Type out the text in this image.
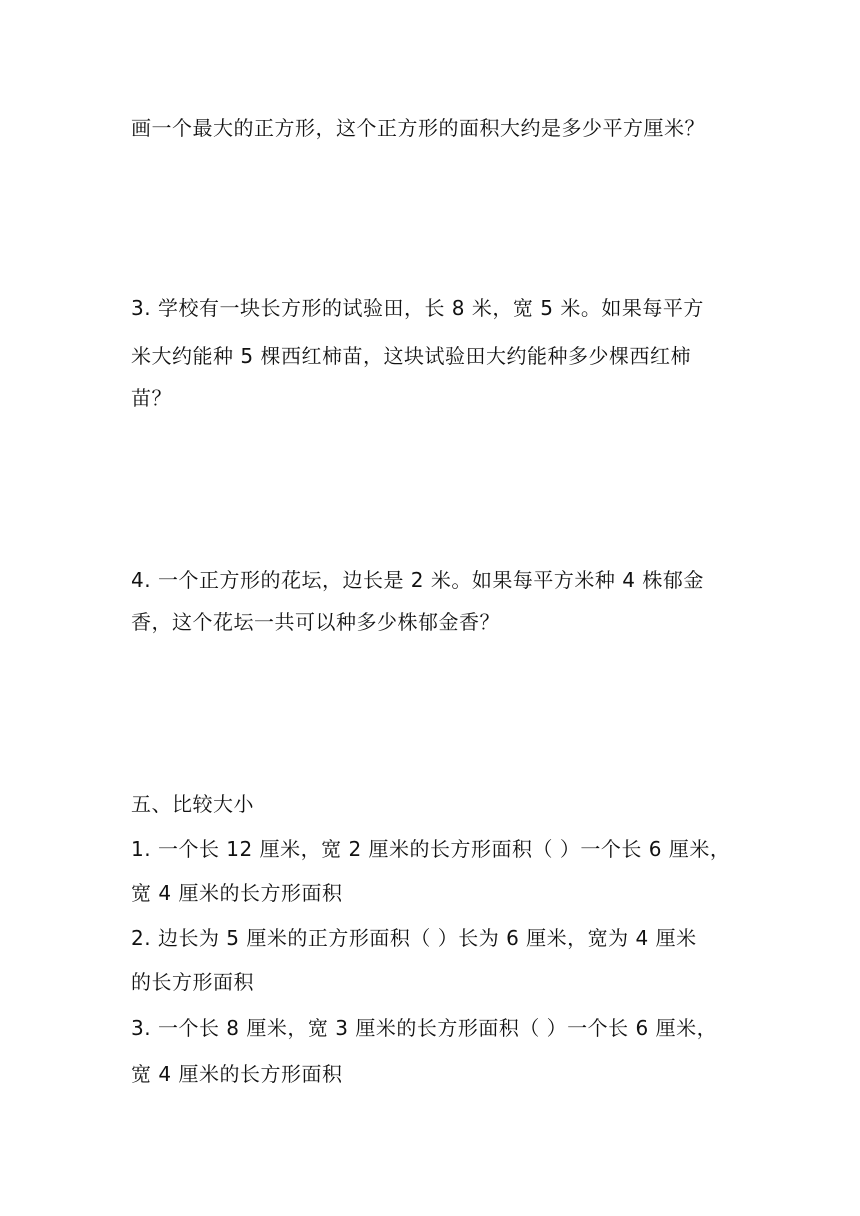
画一个最大的正方形，这个正方形的面积大约是多少平方厘米？
3. 学校有一块长方形的试验田，长 8 米，宽 5 米。如果每平方
米大约能种 5 棵西红柿苗，这块试验田大约能种多少棵西红柿
苗？
4. 一个正方形的花坛，边长是 2 米。如果每平方米种 4 株郁金
香，这个花坛一共可以种多少株郁金香？
五、比较大小
1. 一个长 12 厘米，宽 2 厘米的长方形面积（ ）一个长 6 厘米，
宽 4 厘米的长方形面积
2. 边长为 5 厘米的正方形面积（ ）长为 6 厘米，宽为 4 厘米
的长方形面积
3. 一个长 8 厘米，宽 3 厘米的长方形面积（ ）一个长 6 厘米，
宽 4 厘米的长方形面积
